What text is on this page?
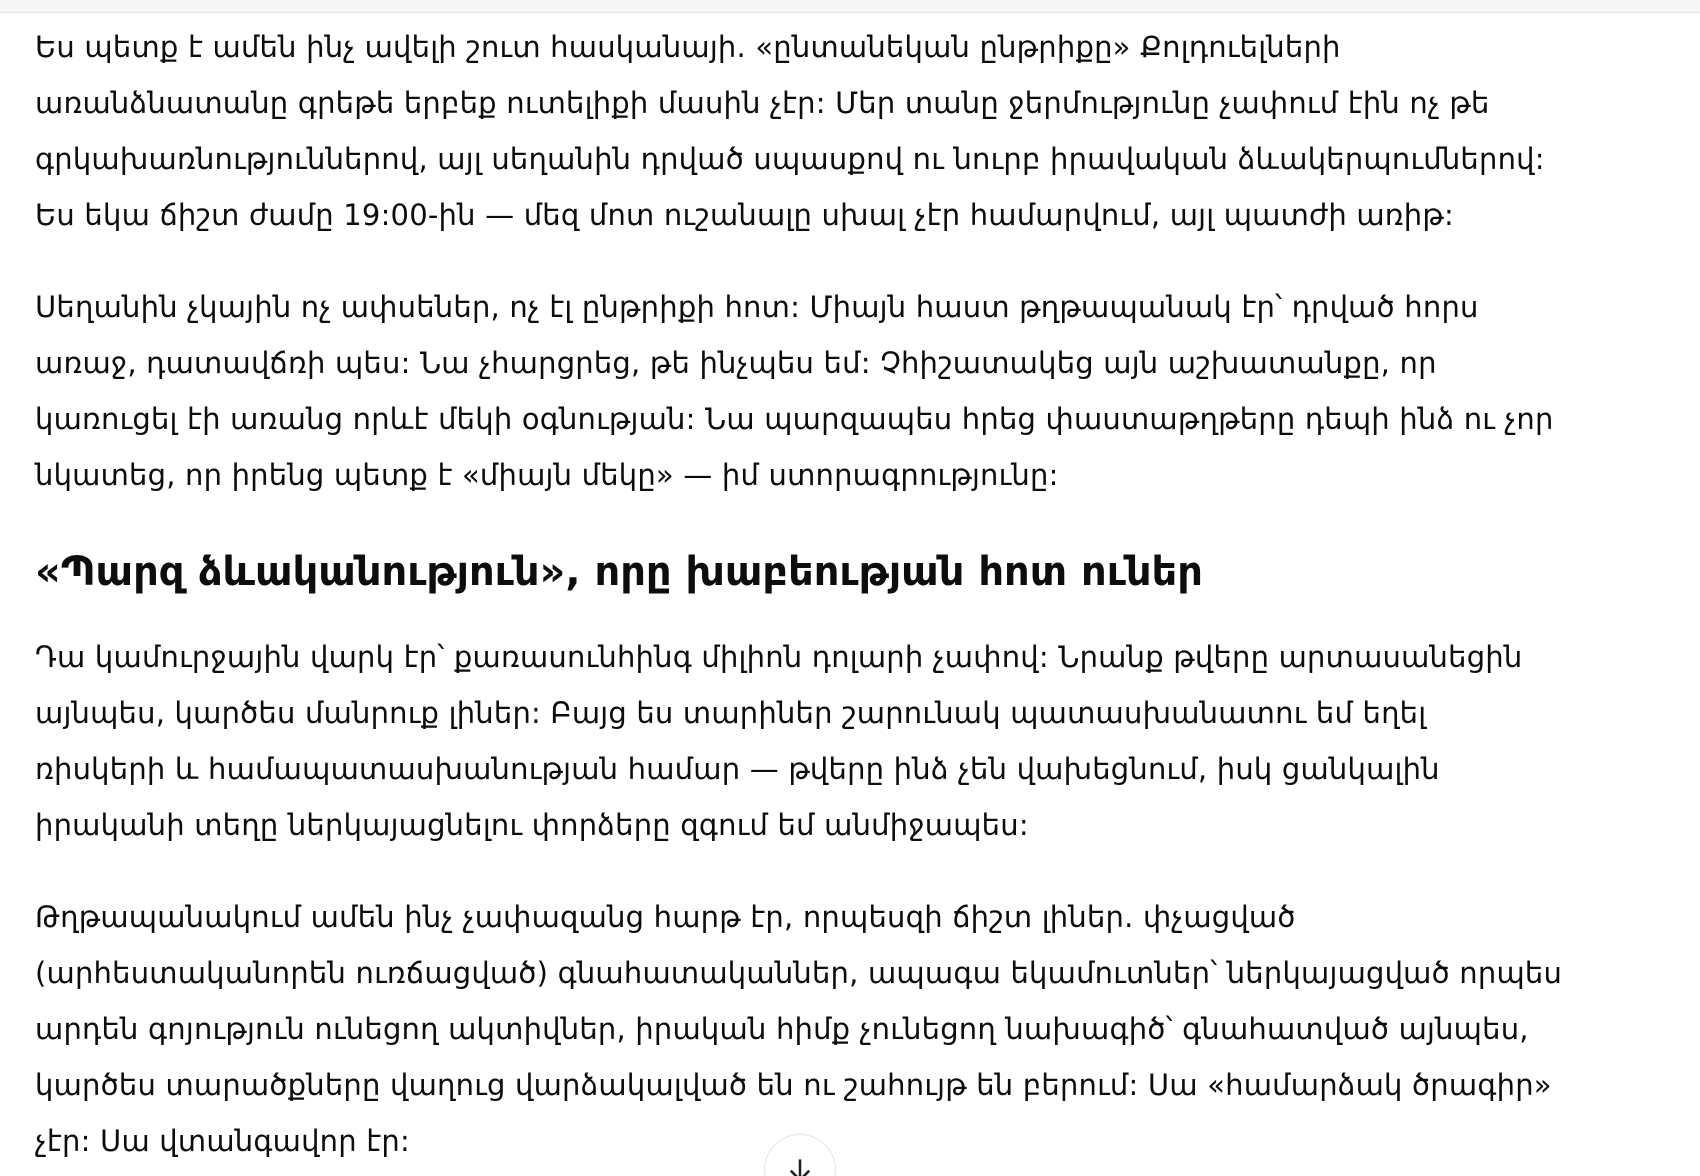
Ես պետք է ամեն ինչ ավելի շուտ հասկանայի. «ընտանեկան ընթրիքը» Քոլդուելների առանձնատանը գրեթե երբեք ուտելիքի մասին չէր: Մեր տանը ջերմությունը չափում էին ոչ թե գրկախառնություններով, այլ սեղանին դրված սպասքով ու նուրբ իրավական ձևակերպումներով: Ես եկա ճիշտ ժամը 19:00-ին — մեզ մոտ ուշանալը սխալ չէր համարվում, այլ պատժի առիթ:

Սեղանին չկային ոչ ափսեներ, ոչ էլ ընթրիքի հոտ: Միայն հաստ թղթապանակ էր՝ դրված հորս առաջ, դատավճռի պես: Նա չհարցրեց, թե ինչպես եմ: Չհիշատակեց այն աշխատանքը, որ կառուցել էի առանց որևէ մեկի օգնության: Նա պարզապես հրեց փաստաթղթերը դեպի ինձ ու չոր նկատեց, որ իրենց պետք է «միայն մեկը» — իմ ստորագրությունը:

«Պարզ ձևականություն», որը խաբեության հոտ ուներ

Դա կամուրջային վարկ էր՝ քառասունհինգ միլիոն դոլարի չափով: Նրանք թվերը արտասանեցին այնպես, կարծես մանրուք լիներ: Բայց ես տարիներ շարունակ պատասխանատու եմ եղել ռիսկերի և համապատասխանության համար — թվերը ինձ չեն վախեցնում, իսկ ցանկալին իրականի տեղը ներկայացնելու փորձերը զգում եմ անմիջապես:

Թղթապանակում ամեն ինչ չափազանց հարթ էր, որպեսզի ճիշտ լիներ. փչացված (արհեստականորեն ուռճացված) գնահատականներ, ապագա եկամուտներ՝ ներկայացված որպես արդեն գոյություն ունեցող ակտիվներ, իրական հիմք չունեցող նախագիծ՝ գնահատված այնպես, կարծես տարածքները վաղուց վարձակալված են ու շահույթ են բերում: Սա «համարձակ ծրագիր» չէր: Սա վտանգավոր էր:
